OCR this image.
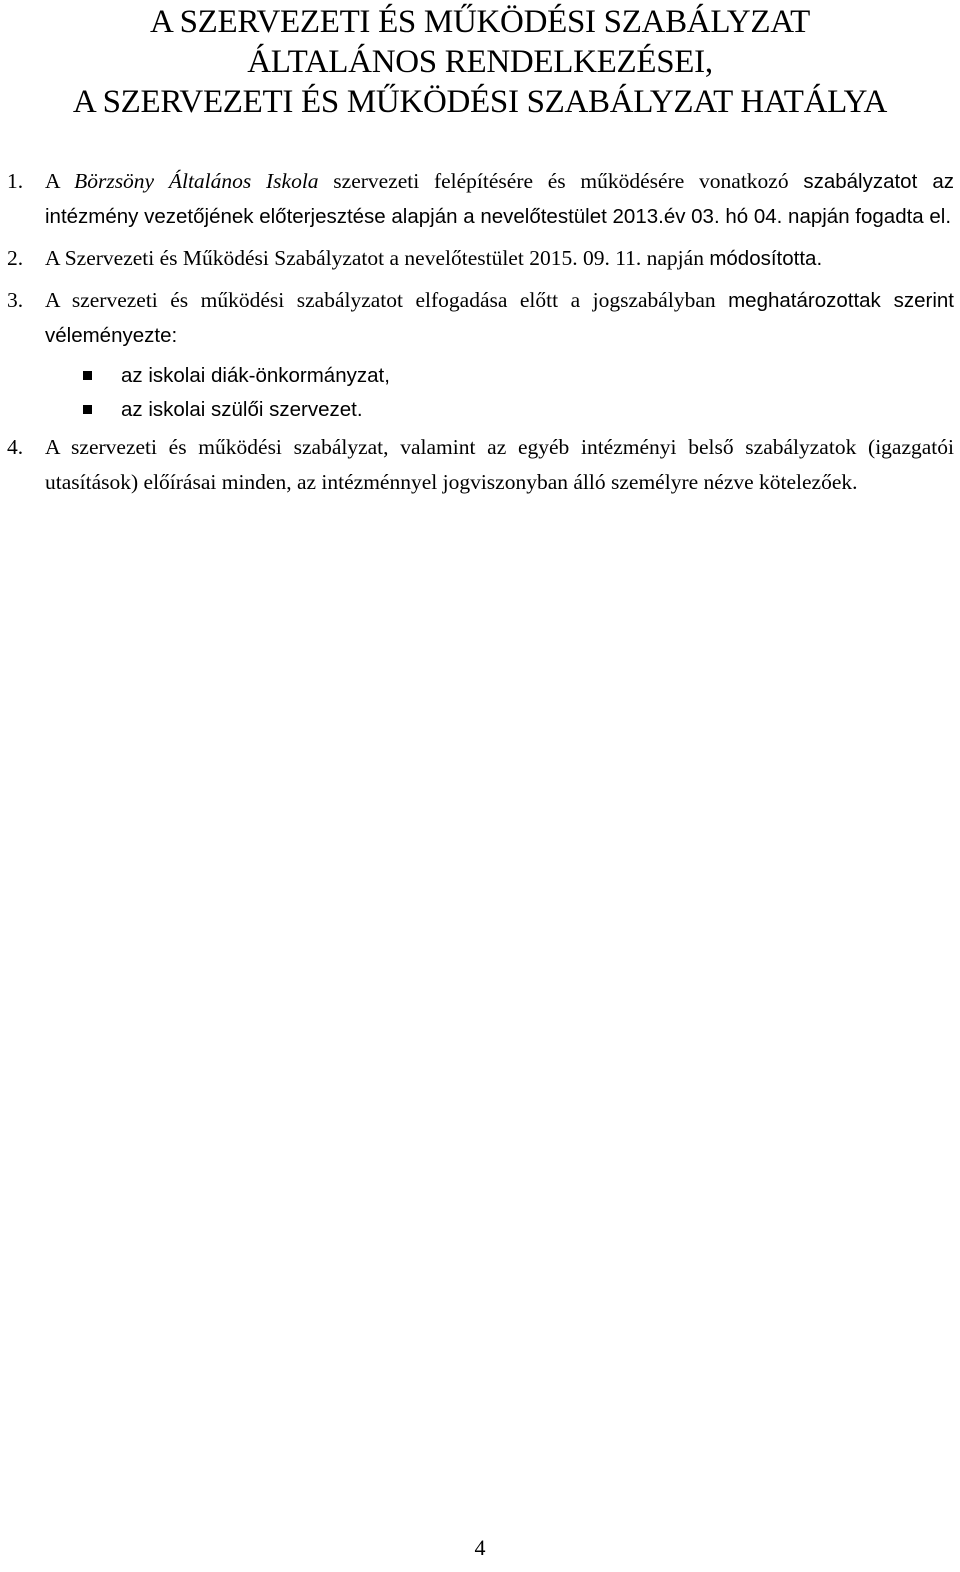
A SZERVEZETI ÉS MŰKÖDÉSI SZABÁLYZAT
ÁLTALÁNOS RENDELKEZÉSEI,
A SZERVEZETI ÉS MŰKÖDÉSI SZABÁLYZAT HATÁLYA
1. A Börzsöny Általános Iskola szervezeti felépítésére és működésére vonatkozó szabályzatot az intézmény vezetőjének előterjesztése alapján a nevelőtestület 2013.év 03. hó 04. napján fogadta el.
2. A Szervezeti és Működési Szabályzatot a nevelőtestület 2015. 09. 11. napján módosította.
3. A szervezeti és működési szabályzatot elfogadása előtt a jogszabályban meghatározottak szerint véleményezte:
az iskolai diák-önkormányzat,
az iskolai szülői szervezet.
4. A szervezeti és működési szabályzat, valamint az egyéb intézményi belső szabályzatok (igazgatói utasítások) előírásai minden, az intézménnyel jogviszonyban álló személyre nézve kötelezőek.
4
